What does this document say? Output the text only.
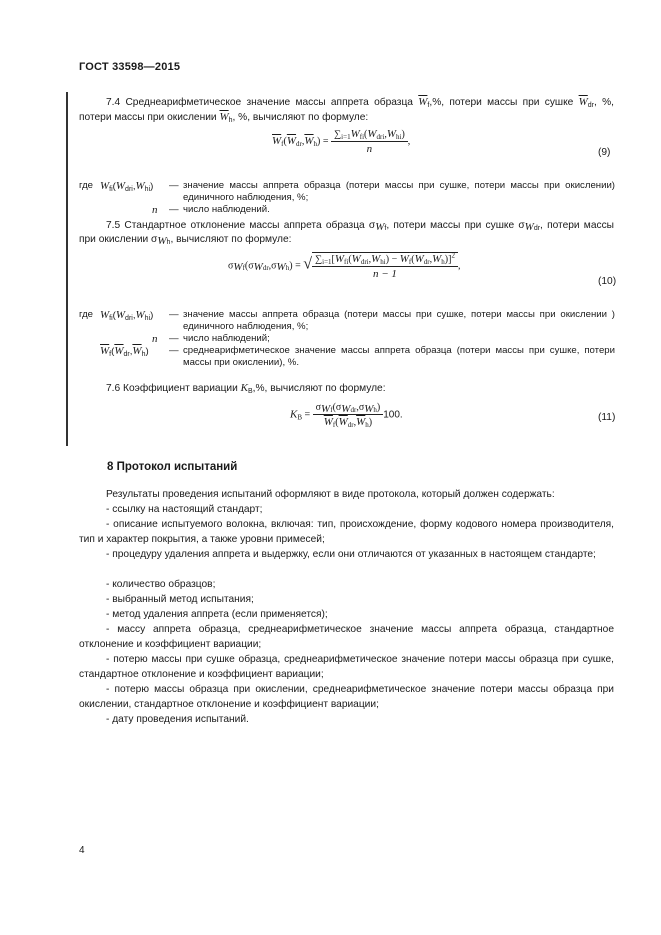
ГОСТ 33598—2015
7.4 Среднеарифметическое значение массы аппрета образца $\overline{W}_f,\%$, потери массы при сушке $\overline{W}_{dr}$, %, потери массы при окислении $\overline{W}_h$, %, вычисляют по формуле:
$\overline{W}_f(\overline{W}_{dr},\overline{W}_h) = \frac{\sum_{i=1}W_{fi}(W_{dri},W_{hi})}{n}$ ,
(9)
где $W_{fi}(W_{dri},W_{hi})$ — значение массы аппрета образца (потери массы при сушке, потери массы при окислении) единичного наблюдения, %;
n — число наблюдений.
7.5 Стандартное отклонение массы аппрета образца $\sigma_{Wf}$, потери массы при сушке $\sigma_{Wdr}$, потери массы при окислении $\sigma_{Wh}$, вычисляют по формуле:
$\sigma_{Wf}(\sigma_{Wdr},\sigma_{Wh})$ = √ $\frac{\sum_{i=1}[W_{fi}(W_{dri},W_{hi}) - \overline{W}_f(\overline{W}_{dr},\overline{W}_h)]^2}{n - 1}$ ,
(10)
где $W_{fi}(W_{dri},W_{hi})$ — значение массы аппрета образца (потери массы при сушке, потери массы при окислении ) единичного наблюдения, %;
n — число наблюдений;
$\overline{W}_f(\overline{W}_{dr},\overline{W}_h)$ — среднеарифметическое значение массы аппрета образца (потери массы при сушке, потери массы при окислении), %.
7.6 Коэффициент вариации $K_B,\%$, вычисляют по формуле:
$K_B = \frac{\sigma_{Wf}(\sigma_{Wdr},\sigma_{Wh})}{\overline{W}_f(\overline{W}_{dr},\overline{W}_h)} 100$.	(11)
8 Протокол испытаний
Результаты проведения испытаний оформляют в виде протокола, который должен содержать:
- ссылку на настоящий стандарт;
- описание испытуемого волокна, включая: тип, происхождение, форму кодового номера производителя, тип и характер покрытия, а также уровни примесей;
- процедуру удаления аппрета и выдержку, если они отличаются от указанных в настоящем стандарте;
- количество образцов;
- выбранный метод испытания;
- метод удаления аппрета (если применяется);
- массу аппрета образца, среднеарифметическое значение массы аппрета образца, стандартное отклонение и коэффициент вариации;
- потерю массы при сушке образца, среднеарифметическое значение потери массы образца при сушке, стандартное отклонение и коэффициент вариации;
- потерю массы образца при окислении, среднеарифметическое значение потери массы образца при окислении, стандартное отклонение и коэффициент вариации;
- дату проведения испытаний.
4
